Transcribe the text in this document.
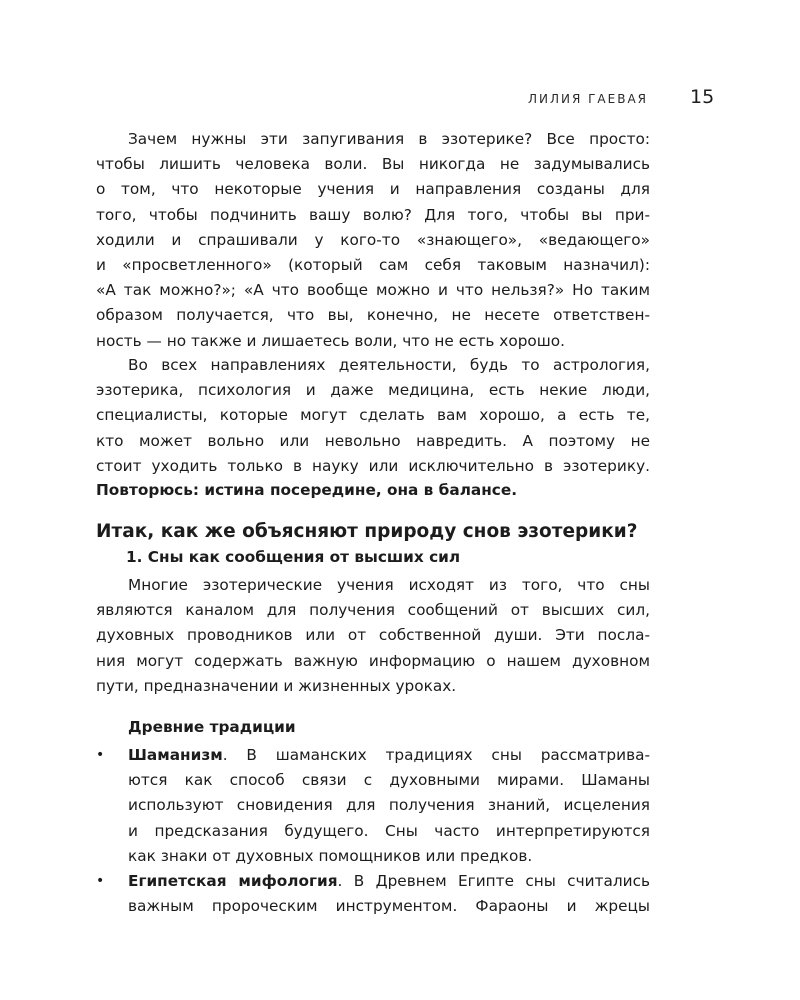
ЛИЛИЯ ГАЕВАЯ 15
Зачем нужны эти запугивания в эзотерике? Все просто:
чтобы лишить человека воли. Вы никогда не задумывались
о том, что некоторые учения и направления созданы для
того, чтобы подчинить вашу волю? Для того, чтобы вы при-
ходили и спрашивали у кого-то «знающего», «ведающего»
и «просветленного» (который сам себя таковым назначил):
«А так можно?»; «А что вообще можно и что нельзя?» Но таким
образом получается, что вы, конечно, не несете ответствен-
ность — но также и лишаетесь воли, что не есть хорошо.
Во всех направлениях деятельности, будь то астрология,
эзотерика, психология и даже медицина, есть некие люди,
специалисты, которые могут сделать вам хорошо, а есть те,
кто может вольно или невольно навредить. А поэтому не
стоит уходить только в науку или исключительно в эзотерику.
Повторюсь: истина посередине, она в балансе.
Итак, как же объясняют природу снов эзотерики?
1. Сны как сообщения от высших сил
Многие эзотерические учения исходят из того, что сны
являются каналом для получения сообщений от высших сил,
духовных проводников или от собственной души. Эти посла-
ния могут содержать важную информацию о нашем духовном
пути, предназначении и жизненных уроках.
Древние традиции
• Шаманизм. В шаманских традициях сны рассматрива-
ются как способ связи с духовными мирами. Шаманы
используют сновидения для получения знаний, исцеления
и предсказания будущего. Сны часто интерпретируются
как знаки от духовных помощников или предков.
• Египетская мифология. В Древнем Египте сны считались
важным пророческим инструментом. Фараоны и жрецы
